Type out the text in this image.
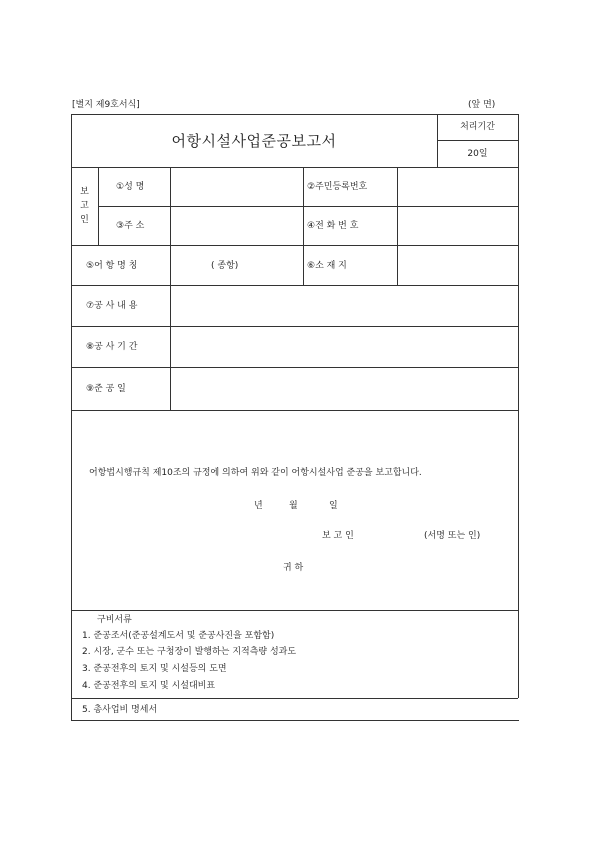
[별지 제9호서식]	(앞 면)
어항시설사업준공보고서
처리기간
20일
보
고
인
①성 명	②주민등록번호
③주 소	④전 화 번 호
⑤어 항 명 칭	( 종항)	⑥소 재 지
⑦공 사 내 용
⑧공 사 기 간
⑨준 공 일
어항법시행규칙 제10조의 규정에 의하여 위와 같이 어항시설사업 준공을 보고합니다.
년	월	일
보 고 인	(서명 또는 인)
귀 하
구비서류
1. 준공조서(준공설계도서 및 준공사진을 포함함)
2. 시장, 군수 또는 구청장이 발행하는 지적측량 성과도
3. 준공전후의 토지 및 시설등의 도면
4. 준공전후의 토지 및 시설대비표
5. 총사업비 명세서
